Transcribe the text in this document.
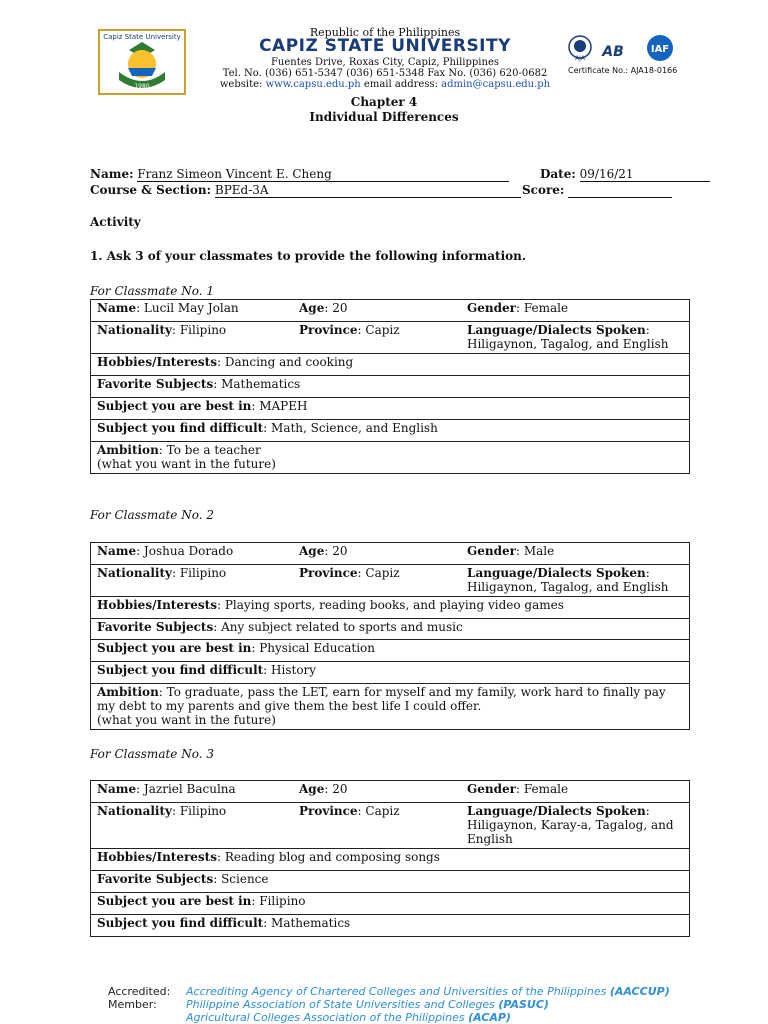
Capiz State University
1980
Republic of the Philippines
CAPIZ STATE UNIVERSITY
Fuentes Drive, Roxas City, Capiz, Philippines
Tel. No. (036) 651-5347 (036) 651-5348 Fax No. (036) 620-0682
website: www.capsu.edu.ph email address: admin@capsu.edu.ph
AJA AB	IAF
Certificate No.: AJA18-0166
Chapter 4
Individual Differences
Name: Franz Simeon Vincent E. Cheng	Date: 09/16/21
Course & Section: BPEd-3A	Score:
Activity
1. Ask 3 of your classmates to provide the following information.
For Classmate No. 1
Name: Lucil May Jolan	Age: 20	Gender: Female
Nationality: Filipino	Province: Capiz	Language/Dialects Spoken:
Hiligaynon, Tagalog, and English
Hobbies/Interests: Dancing and cooking		
Favorite Subjects: Mathematics		
Subject you are best in: MAPEH		
Subject you find difficult: Math, Science, and English		
Ambition: To be a teacher
(what you want in the future)		
For Classmate No. 2
Name: Joshua Dorado	Age: 20	Gender: Male
Nationality: Filipino	Province: Capiz	Language/Dialects Spoken:
Hiligaynon, Tagalog, and English
Hobbies/Interests: Playing sports, reading books, and playing video games		
Favorite Subjects: Any subject related to sports and music		
Subject you are best in: Physical Education		
Subject you find difficult: History		
Ambition: To graduate, pass the LET, earn for myself and my family, work hard to finally pay my debt to my parents and give them the best life I could offer.
(what you want in the future)		
For Classmate No. 3
Name: Jazriel Baculna	Age: 20	Gender: Female
Nationality: Filipino	Province: Capiz	Language/Dialects Spoken:
Hiligaynon, Karay-a, Tagalog, and English
Hobbies/Interests: Reading blog and composing songs		
Favorite Subjects: Science		
Subject you are best in: Filipino		
Subject you find difficult: Mathematics		
Accredited: Accrediting Agency of Chartered Colleges and Universities of the Philippines (AACCUP)
Member:	Philippine Association of State Universities and Colleges (PASUC)
Agricultural Colleges Association of the Philippines (ACAP)
